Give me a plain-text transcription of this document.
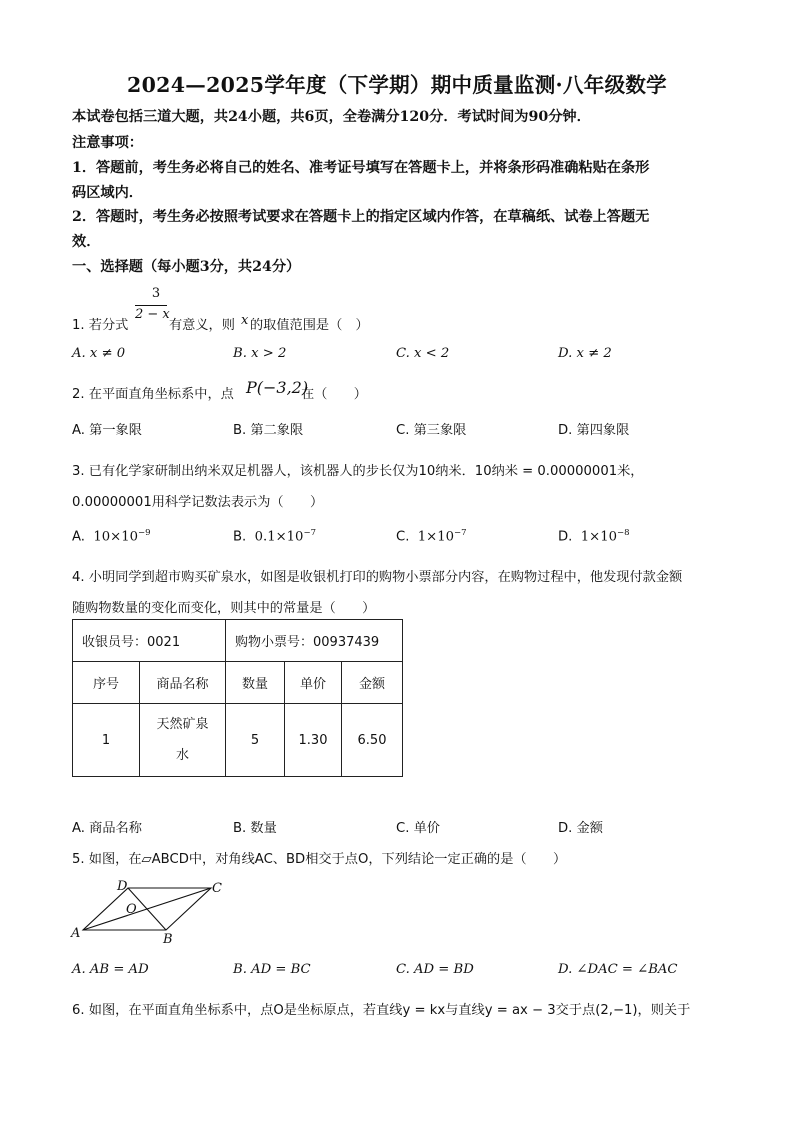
2024—2025学年度（下学期）期中质量监测·八年级数学
本试卷包括三道大题，共24小题，共6页，全卷满分120分．考试时间为90分钟．
注意事项：
1．答题前，考生务必将自己的姓名、准考证号填写在答题卡上，并将条形码准确粘贴在条形
码区域内．
2．答题时，考生务必按照考试要求在答题卡上的指定区域内作答，在草稿纸、试卷上答题无
效．
一、选择题（每小题3分，共24分）
1. 若分式
3
2 − x
有意义，则 x 的取值范围是（　）
A. x ≠ 0	B. x > 2	C. x < 2	D. x ≠ 2
2. 在平面直角坐标系中，点 P(−3,2)
在（　　）
A. 第一象限	B. 第二象限	C. 第三象限	D. 第四象限
3. 已有化学家研制出纳米双足机器人，该机器人的步长仅为10纳米．10纳米 = 0.00000001米，
0.00000001用科学记数法表示为（　　）
A. $10\times 10^{-9}$	B. $0.1\times 10^{-7}$	C. $1\times 10^{-7}$	D. $1\times 10^{-8}$
4. 小明同学到超市购买矿泉水，如图是收银机打印的购物小票部分内容，在购物过程中，他发现付款金额
随购物数量的变化而变化，则其中的常量是（　　）
收银员号：0021		购物小票号：00937439		
序号	商品名称	数量	单价	金额
1	天然矿泉水	5	1.30	6.50
A. 商品名称	B. 数量	C. 单价	D. 金额
5. 如图，在▱ABCD中，对角线AC、BD相交于点O，下列结论一定正确的是（　　）
A	B
C
D
O
A. AB = AD	B. AD = BC	C. AD = BD	D. ∠DAC = ∠BAC
6. 如图，在平面直角坐标系中，点O是坐标原点，若直线y = kx与直线y = ax − 3交于点(2,−1)，则关于
